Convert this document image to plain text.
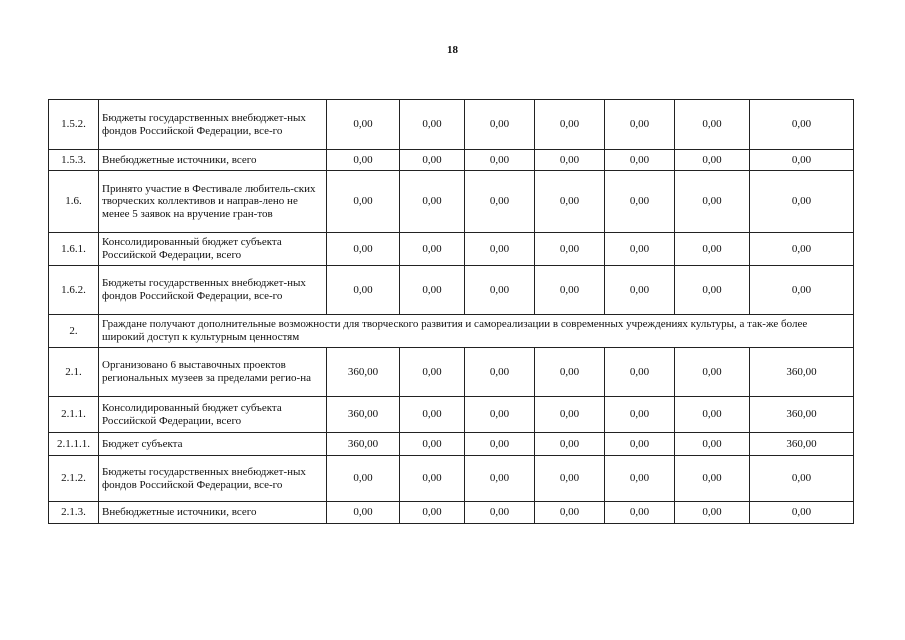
18
1.5.2.	Бюджеты государственных внебюджет-ных фондов Российской Федерации, все-го	0,00	0,00	0,00	0,00	0,00	0,00	0,00
1.5.3.	Внебюджетные источники, всего	0,00	0,00	0,00	0,00	0,00	0,00	0,00
1.6.	Принято участие в Фестивале любитель-ских творческих коллективов и направ-лено не менее 5 заявок на вручение гран-тов	0,00	0,00	0,00	0,00	0,00	0,00	0,00
1.6.1.	Консолидированный бюджет субъекта Российской Федерации, всего	0,00	0,00	0,00	0,00	0,00	0,00	0,00
1.6.2.	Бюджеты государственных внебюджет-ных фондов Российской Федерации, все-го	0,00	0,00	0,00	0,00	0,00	0,00	0,00
2.	Граждане получают дополнительные возможности для творческого развития и самореализации в современных учреждениях культуры, а так-же более широкий доступ к культурным ценностям							
2.1.	Организовано 6 выставочных проектов региональных музеев за пределами регио-на	360,00	0,00	0,00	0,00	0,00	0,00	360,00
2.1.1.	Консолидированный бюджет субъекта Российской Федерации, всего	360,00	0,00	0,00	0,00	0,00	0,00	360,00
2.1.1.1.	Бюджет субъекта	360,00	0,00	0,00	0,00	0,00	0,00	360,00
2.1.2.	Бюджеты государственных внебюджет-ных фондов Российской Федерации, все-го	0,00	0,00	0,00	0,00	0,00	0,00	0,00
2.1.3.	Внебюджетные источники, всего	0,00	0,00	0,00	0,00	0,00	0,00	0,00
